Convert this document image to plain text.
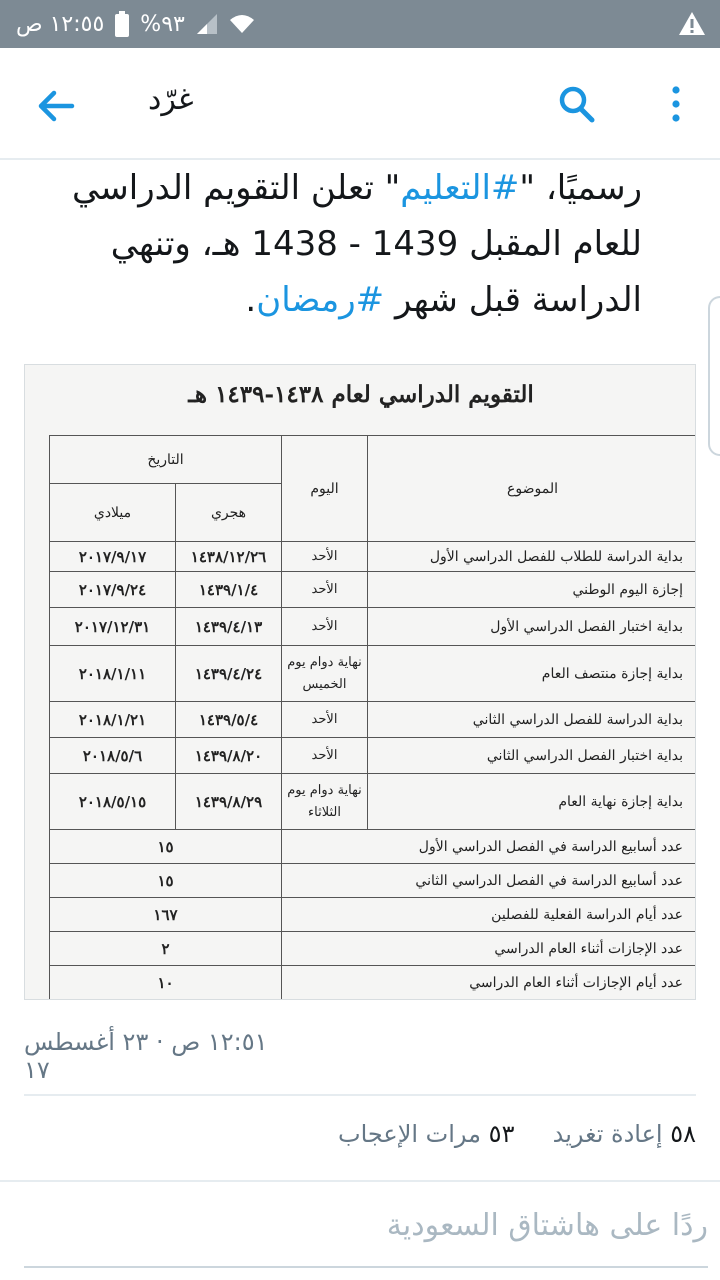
١٢:٥٥ ص %٩٣
غرّد
رسميًا، "#التعليم" تعلن التقويم الدراسي
للعام المقبل 1439 - 1438 هـ، وتنهي
الدراسة قبل شهر #رمضان.
التقويم الدراسي لعام ١٤٣٨-١٤٣٩ هـ
الموضوع	اليوم	التاريخ	
		هجري	ميلادي
بداية الدراسة للطلاب للفصل الدراسي الأول	الأحد	١٤٣٨/١٢/٢٦	٢٠١٧/٩/١٧
إجازة اليوم الوطني	الأحد	١٤٣٩/١/٤	٢٠١٧/٩/٢٤
بداية اختبار الفصل الدراسي الأول	الأحد	١٤٣٩/٤/١٣	٢٠١٧/١٢/٣١
بداية إجازة منتصف العام	نهاية دوام يوم الخميس	١٤٣٩/٤/٢٤	٢٠١٨/١/١١
بداية الدراسة للفصل الدراسي الثاني	الأحد	١٤٣٩/٥/٤	٢٠١٨/١/٢١
بداية اختبار الفصل الدراسي الثاني	الأحد	١٤٣٩/٨/٢٠	٢٠١٨/٥/٦
بداية إجازة نهاية العام	نهاية دوام يوم الثلاثاء	١٤٣٩/٨/٢٩	٢٠١٨/٥/١٥
عدد أسابيع الدراسة في الفصل الدراسي الأول		١٥	
عدد أسابيع الدراسة في الفصل الدراسي الثاني		١٥	
عدد أيام الدراسة الفعلية للفصلين		١٦٧	
عدد الإجازات أثناء العام الدراسي		٢	
عدد أيام الإجازات أثناء العام الدراسي		١٠	
١٢:٥١ ص · ٢٣ أغسطس ١٧
٥٨ إعادة تغريد     ٥٣ مرات الإعجاب
ردًا على هاشتاق السعودية
